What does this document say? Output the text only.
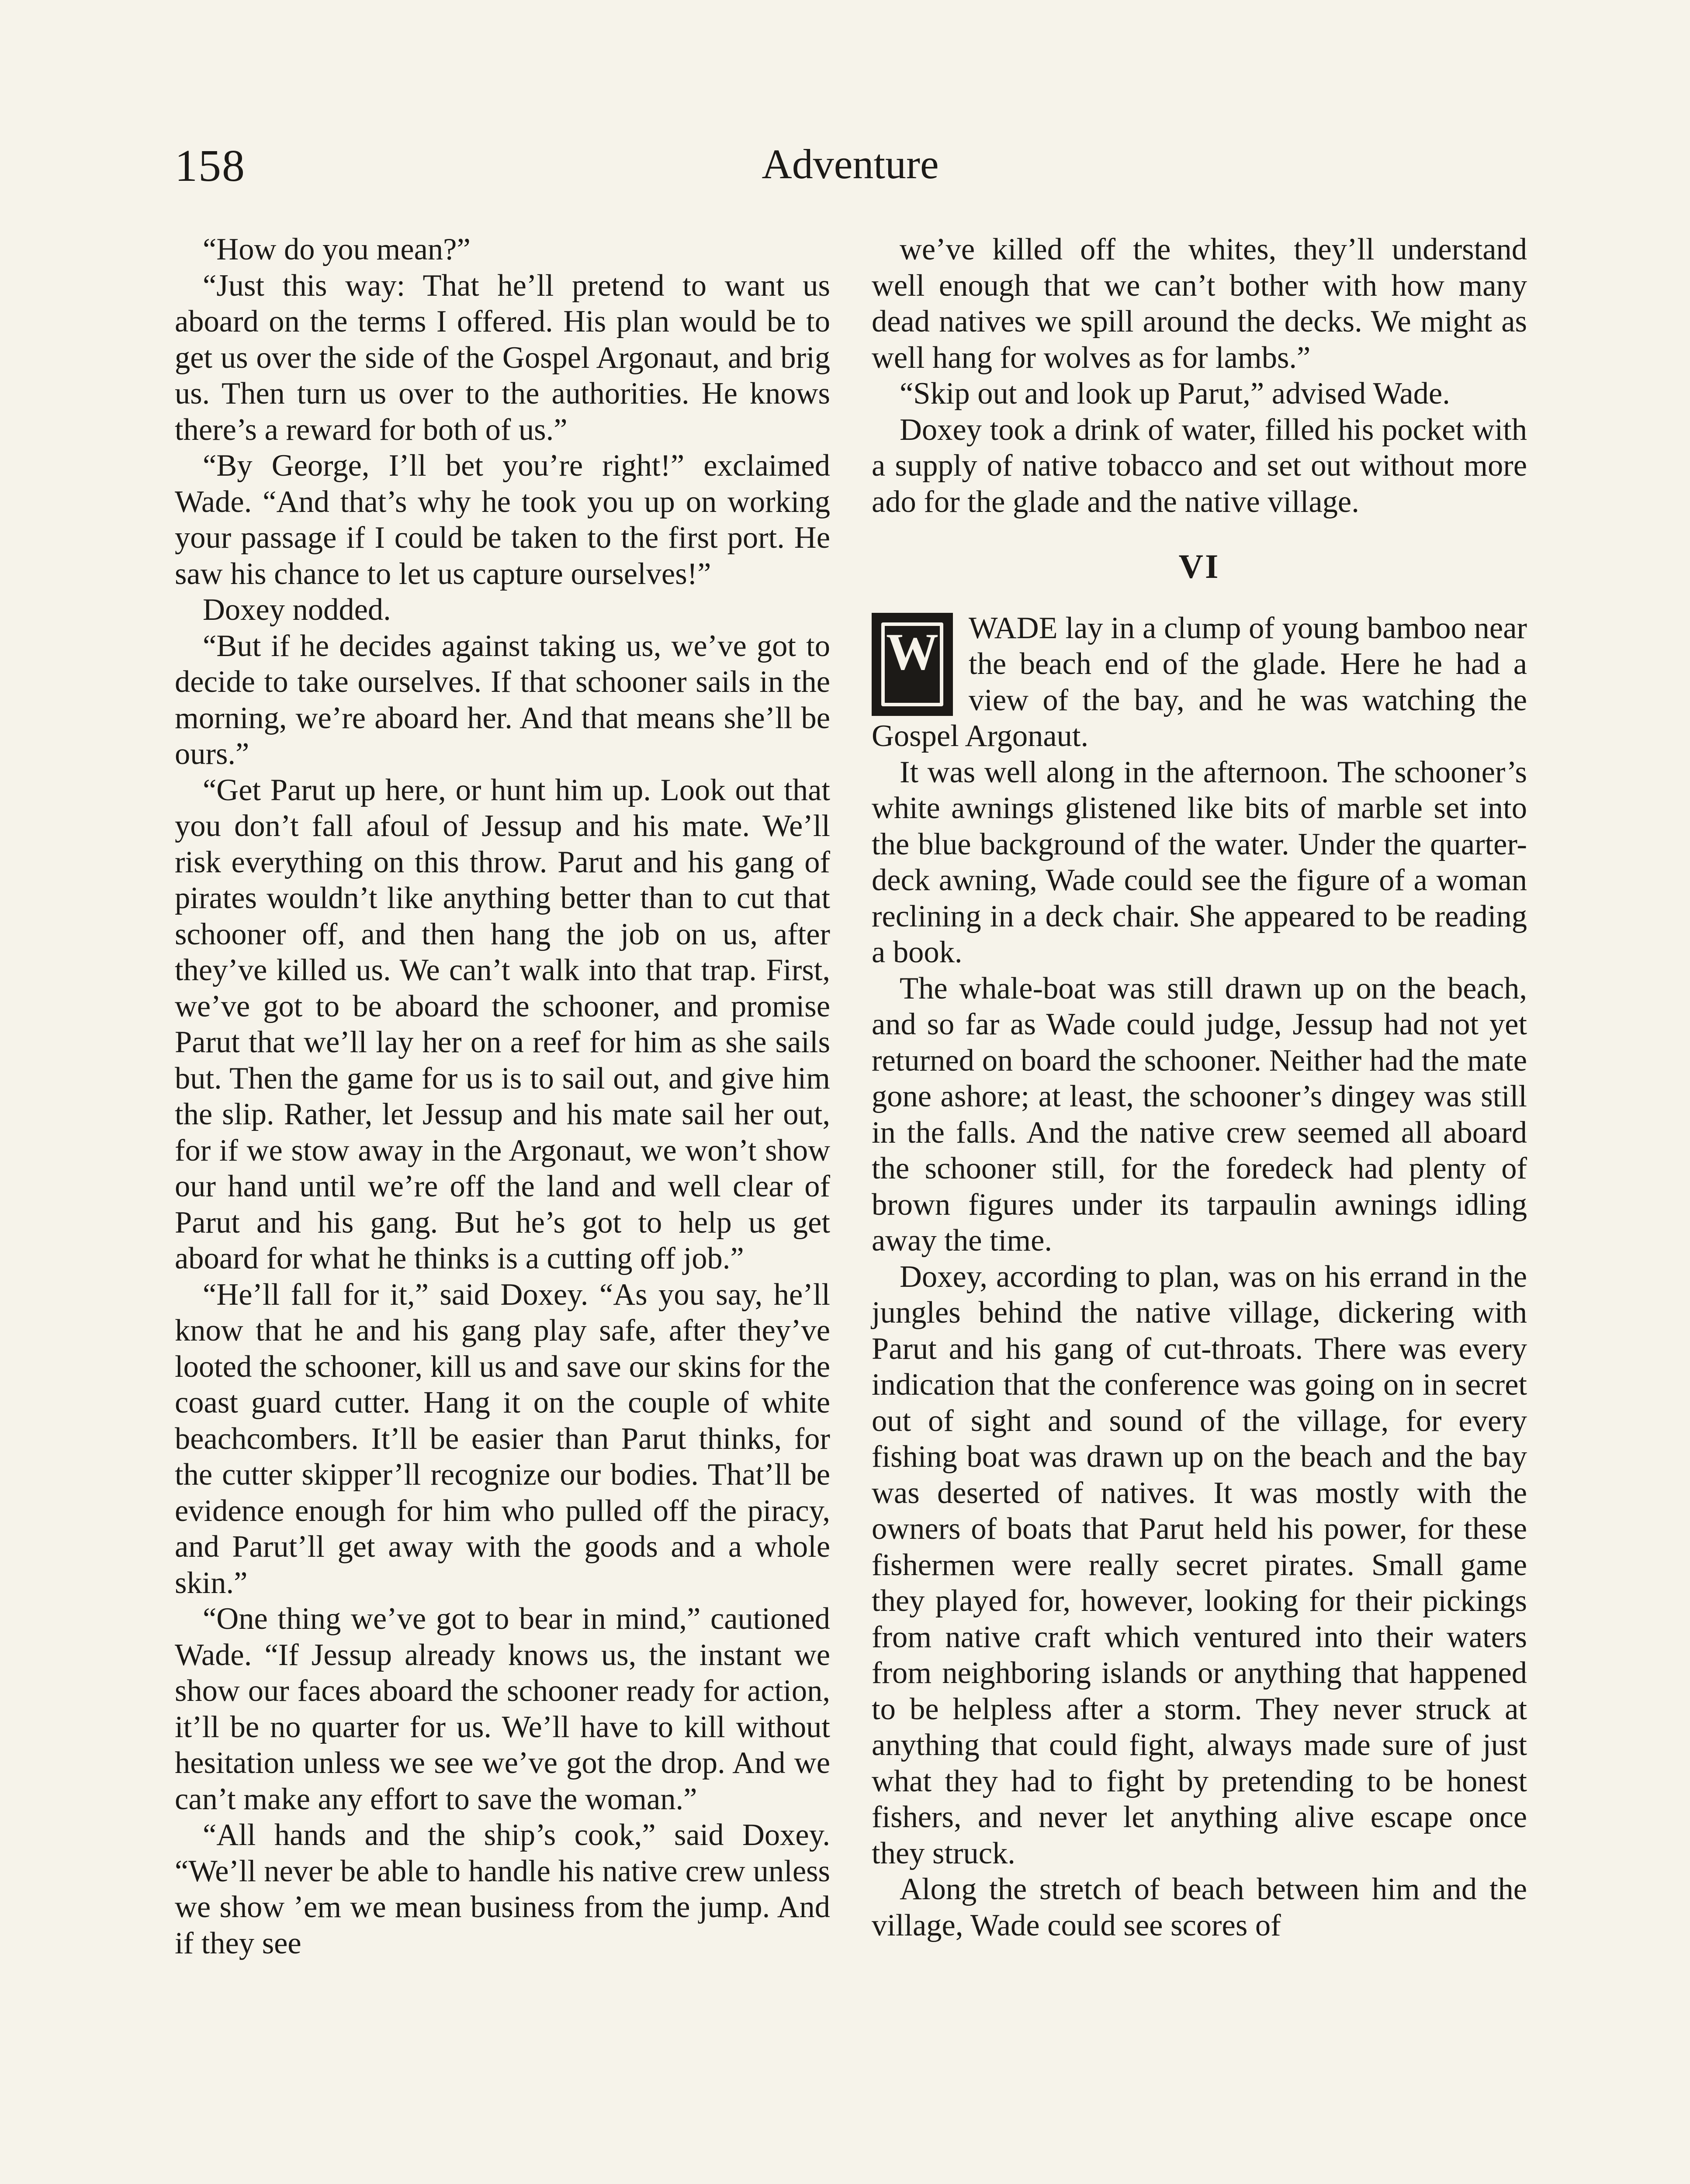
158	Adventure

“How do you mean?”

“Just this way: That he’ll pretend to want us aboard on the terms I offered. His plan would be to get us over the side of the Gospel Argonaut, and brig us. Then turn us over to the authorities. He knows there’s a reward for both of us.”

“By George, I’ll bet you’re right!” exclaimed Wade. “And that’s why he took you up on working your passage if I could be taken to the first port. He saw his chance to let us capture ourselves!”

Doxey nodded.

“But if he decides against taking us, we’ve got to decide to take ourselves. If that schooner sails in the morning, we’re aboard her. And that means she’ll be ours.”

“Get Parut up here, or hunt him up. Look out that you don’t fall afoul of Jessup and his mate. We’ll risk everything on this throw. Parut and his gang of pirates wouldn’t like anything better than to cut that schooner off, and then hang the job on us, after they’ve killed us. We can’t walk into that trap. First, we’ve got to be aboard the schooner, and promise Parut that we’ll lay her on a reef for him as she sails but. Then the game for us is to sail out, and give him the slip. Rather, let Jessup and his mate sail her out, for if we stow away in the Argonaut, we won’t show our hand until we’re off the land and well clear of Parut and his gang. But he’s got to help us get aboard for what he thinks is a cutting off job.”

“He’ll fall for it,” said Doxey. “As you say, he’ll know that he and his gang play safe, after they’ve looted the schooner, kill us and save our skins for the coast guard cutter. Hang it on the couple of white beachcombers. It’ll be easier than Parut thinks, for the cutter skipper’ll recognize our bodies. That’ll be evidence enough for him who pulled off the piracy, and Parut’ll get away with the goods and a whole skin.”

“One thing we’ve got to bear in mind,” cautioned Wade. “If Jessup already knows us, the instant we show our faces aboard the schooner ready for action, it’ll be no quarter for us. We’ll have to kill without hesitation unless we see we’ve got the drop. And we can’t make any effort to save the woman.”

“All hands and the ship’s cook,” said Doxey. “We’ll never be able to handle his native crew unless we show ’em we mean business from the jump. And if they see

we’ve killed off the whites, they’ll understand well enough that we can’t bother with how many dead natives we spill around the decks. We might as well hang for wolves as for lambs.”

“Skip out and look up Parut,” advised Wade.

Doxey took a drink of water, filled his pocket with a supply of native tobacco and set out without more ado for the glade and the native village.

VI
W WADE lay in a clump of young bamboo near the beach end of the glade. Here he had a view of the bay, and he was watching the Gospel Argonaut.

It was well along in the afternoon. The schooner’s white awnings glistened like bits of marble set into the blue background of the water. Under the quarter-deck awning, Wade could see the figure of a woman reclining in a deck chair. She appeared to be reading a book.

The whale-boat was still drawn up on the beach, and so far as Wade could judge, Jessup had not yet returned on board the schooner. Neither had the mate gone ashore; at least, the schooner’s dingey was still in the falls. And the native crew seemed all aboard the schooner still, for the foredeck had plenty of brown figures under its tarpaulin awnings idling away the time.

Doxey, according to plan, was on his errand in the jungles behind the native village, dickering with Parut and his gang of cut-throats. There was every indication that the conference was going on in secret out of sight and sound of the village, for every fishing boat was drawn up on the beach and the bay was deserted of natives. It was mostly with the owners of boats that Parut held his power, for these fishermen were really secret pirates. Small game they played for, however, looking for their pickings from native craft which ventured into their waters from neighboring islands or anything that happened to be helpless after a storm. They never struck at anything that could fight, always made sure of just what they had to fight by pretending to be honest fishers, and never let anything alive escape once they struck.

Along the stretch of beach between him and the village, Wade could see scores of
